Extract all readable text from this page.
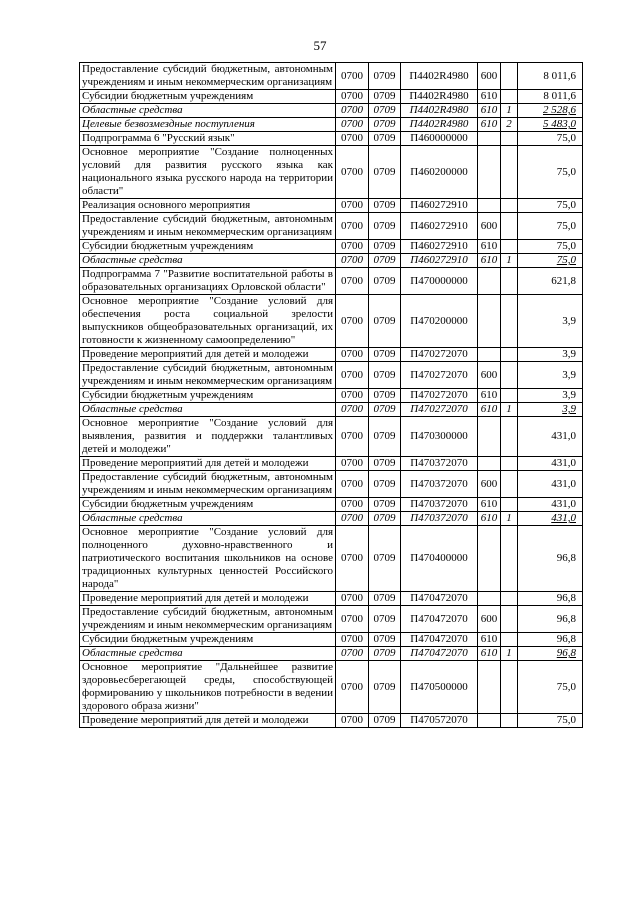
57
Предоставление субсидий бюджетным, автономным учреждениям и иным некоммерческим организациям	0700	0709	П4402R4980	600		8 011,6
Субсидии бюджетным учреждениям	0700	0709	П4402R4980	610		8 011,6
Областные средства	0700	0709	П4402R4980	610	1	2 528,6
Целевые безвозмездные поступления	0700	0709	П4402R4980	610	2	5 483,0
Подпрограмма 6 "Русский язык"	0700	0709	П460000000			75,0
Основное мероприятие "Создание полноценных условий для развития русского языка как национального языка русского народа на территории области"	0700	0709	П460200000			75,0
Реализация основного мероприятия	0700	0709	П460272910			75,0
Предоставление субсидий бюджетным, автономным учреждениям и иным некоммерческим организациям	0700	0709	П460272910	600		75,0
Субсидии бюджетным учреждениям	0700	0709	П460272910	610		75,0
Областные средства	0700	0709	П460272910	610	1	75,0
Подпрограмма 7 "Развитие воспитательной работы в образовательных организациях Орловской области"	0700	0709	П470000000			621,8
Основное мероприятие "Создание условий для обеспечения роста социальной зрелости выпускников общеобразовательных организаций, их готовности к жизненному самоопределению"	0700	0709	П470200000			3,9
Проведение мероприятий для детей и молодежи	0700	0709	П470272070			3,9
Предоставление субсидий бюджетным, автономным учреждениям и иным некоммерческим организациям	0700	0709	П470272070	600		3,9
Субсидии бюджетным учреждениям	0700	0709	П470272070	610		3,9
Областные средства	0700	0709	П470272070	610	1	3,9
Основное мероприятие "Создание условий для выявления, развития и поддержки талантливых детей и молодежи"	0700	0709	П470300000			431,0
Проведение мероприятий для детей и молодежи	0700	0709	П470372070			431,0
Предоставление субсидий бюджетным, автономным учреждениям и иным некоммерческим организациям	0700	0709	П470372070	600		431,0
Субсидии бюджетным учреждениям	0700	0709	П470372070	610		431,0
Областные средства	0700	0709	П470372070	610	1	431,0
Основное мероприятие "Создание условий для полноценного духовно-нравственного и патриотического воспитания школьников на основе традиционных культурных ценностей Российского народа"	0700	0709	П470400000			96,8
Проведение мероприятий для детей и молодежи	0700	0709	П470472070			96,8
Предоставление субсидий бюджетным, автономным учреждениям и иным некоммерческим организациям	0700	0709	П470472070	600		96,8
Субсидии бюджетным учреждениям	0700	0709	П470472070	610		96,8
Областные средства	0700	0709	П470472070	610	1	96,8
Основное мероприятие "Дальнейшее развитие здоровьесберегающей среды, способствующей формированию у школьников потребности в ведении здорового образа жизни"	0700	0709	П470500000			75,0
Проведение мероприятий для детей и молодежи	0700	0709	П470572070			75,0
